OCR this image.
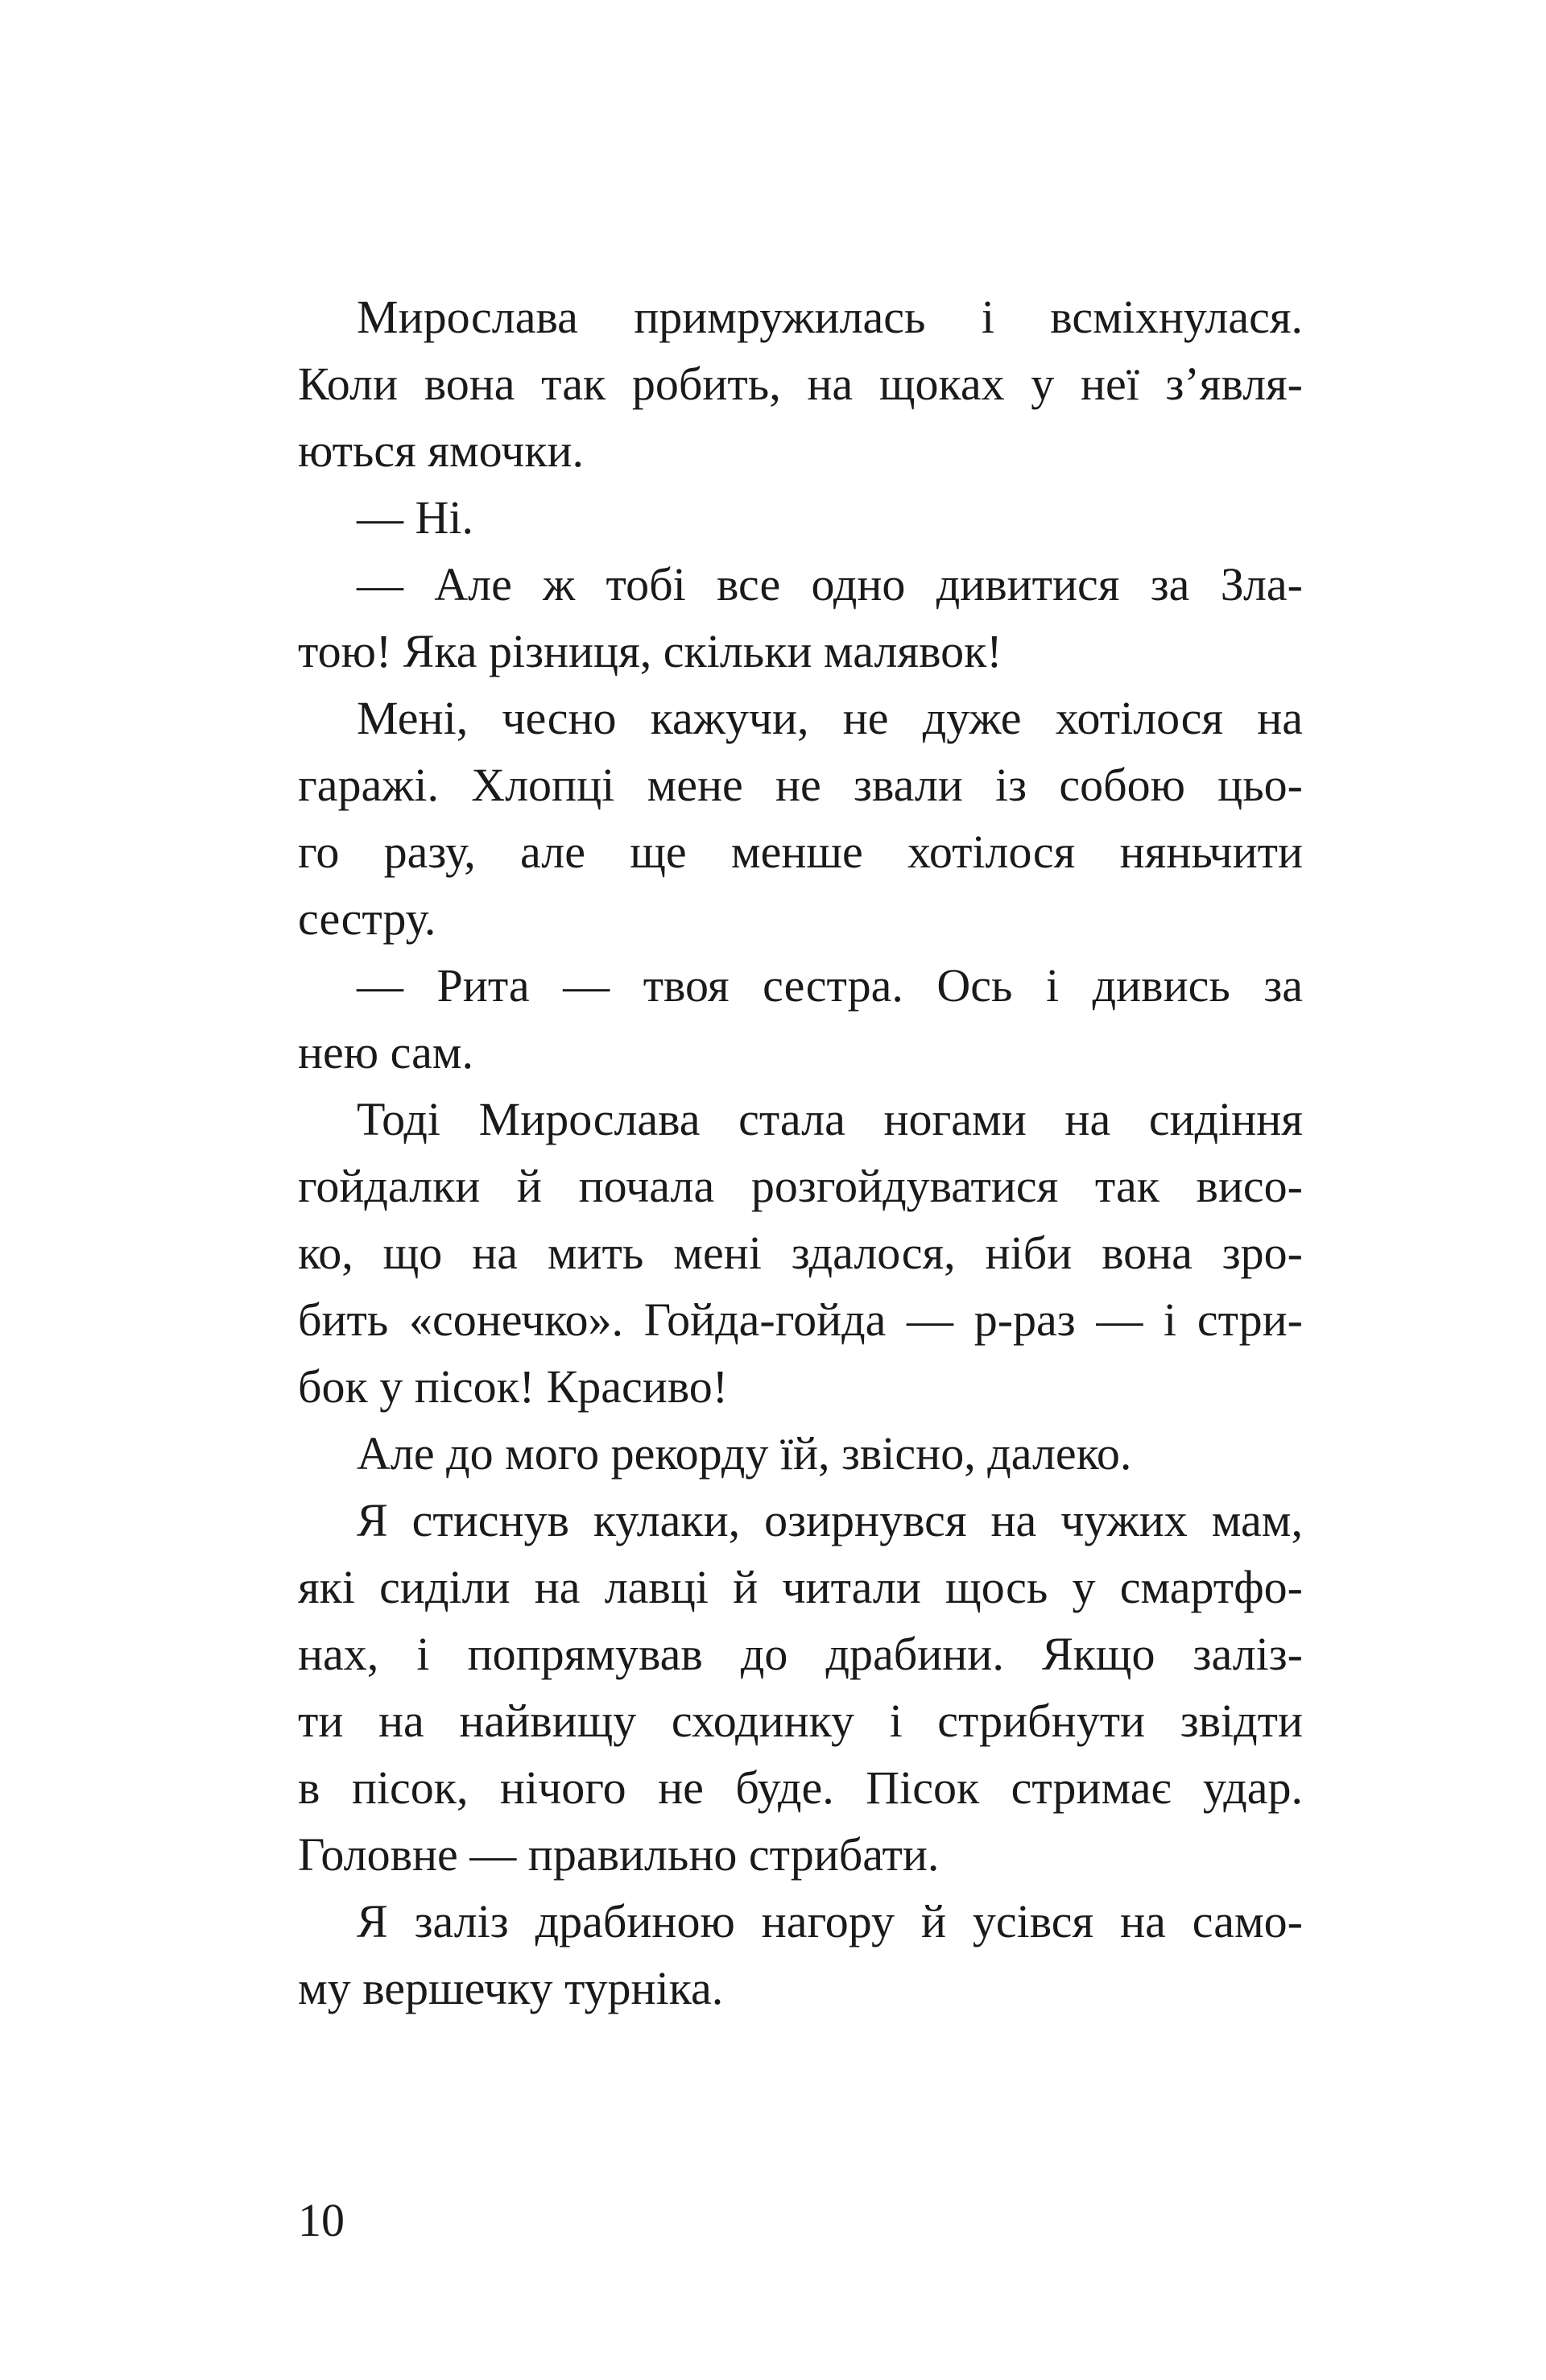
Мирослава примружилась і всміхнулася.
Коли вона так робить, на щоках у неї з’явля-
ються ямочки.
— Ні.
— Але ж тобі все одно дивитися за Зла-
тою! Яка різниця, скільки малявок!
Мені, чесно кажучи, не дуже хотілося на
гаражі. Хлопці мене не звали із собою цьо-
го разу, але ще менше хотілося няньчити
сестру.
— Рита — твоя сестра. Ось і дивись за
нею сам.
Тоді Мирослава стала ногами на сидіння
гойдалки й почала розгойдуватися так висо-
ко, що на мить мені здалося, ніби вона зро-
бить «сонечко». Гойда-гойда — р-раз — і стри-
бок у пісок! Красиво!
Але до мого рекорду їй, звісно, далеко.
Я стиснув кулаки, озирнувся на чужих мам,
які сиділи на лавці й читали щось у смартфо-
нах, і попрямував до драбини. Якщо заліз-
ти на найвищу сходинку і стрибнути звідти
в пісок, нічого не буде. Пісок стримає удар.
Головне — правильно стрибати.
Я заліз драбиною нагору й усівся на само-
му вершечку турніка.
10
